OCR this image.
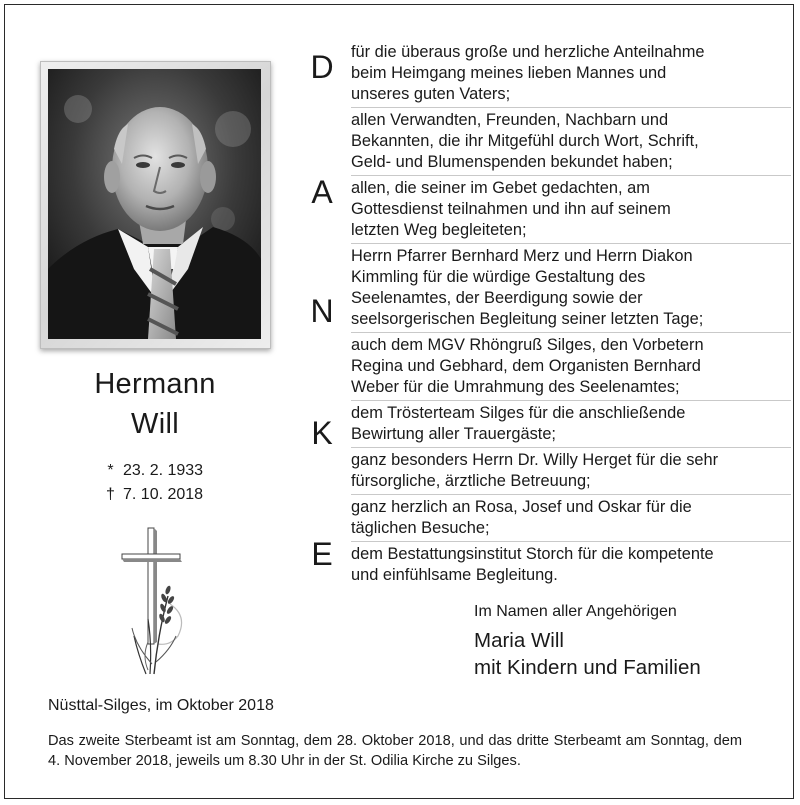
Hermann
Will
* 23. 2. 1933
† 7. 10. 2018
D
A
N
K
E
für die überaus große und herzliche Anteilnahme
beim Heimgang meines lieben Mannes und
unseres guten Vaters;
allen Verwandten, Freunden, Nachbarn und
Bekannten, die ihr Mitgefühl durch Wort, Schrift,
Geld- und Blumenspenden bekundet haben;
allen, die seiner im Gebet gedachten, am
Gottesdienst teilnahmen und ihn auf seinem
letzten Weg begleiteten;
Herrn Pfarrer Bernhard Merz und Herrn Diakon
Kimmling für die würdige Gestaltung des
Seelenamtes, der Beerdigung sowie der
seelsorgerischen Begleitung seiner letzten Tage;
auch dem MGV Rhöngruß Silges, den Vorbetern
Regina und Gebhard, dem Organisten Bernhard
Weber für die Umrahmung des Seelenamtes;
dem Trösterteam Silges für die anschließende
Bewirtung aller Trauergäste;
ganz besonders Herrn Dr. Willy Herget für die sehr
fürsorgliche, ärztliche Betreuung;
ganz herzlich an Rosa, Josef und Oskar für die
täglichen Besuche;
dem Bestattungsinstitut Storch für die kompetente
und einfühlsame Begleitung.
Im Namen aller Angehörigen
Maria Will
mit Kindern und Familien
Nüsttal-Silges, im Oktober 2018
Das zweite Sterbeamt ist am Sonntag, dem 28. Oktober 2018, und das dritte Sterbeamt am Sonntag, dem 4. November 2018, jeweils um 8.30 Uhr in der St. Odilia Kirche zu Silges.
